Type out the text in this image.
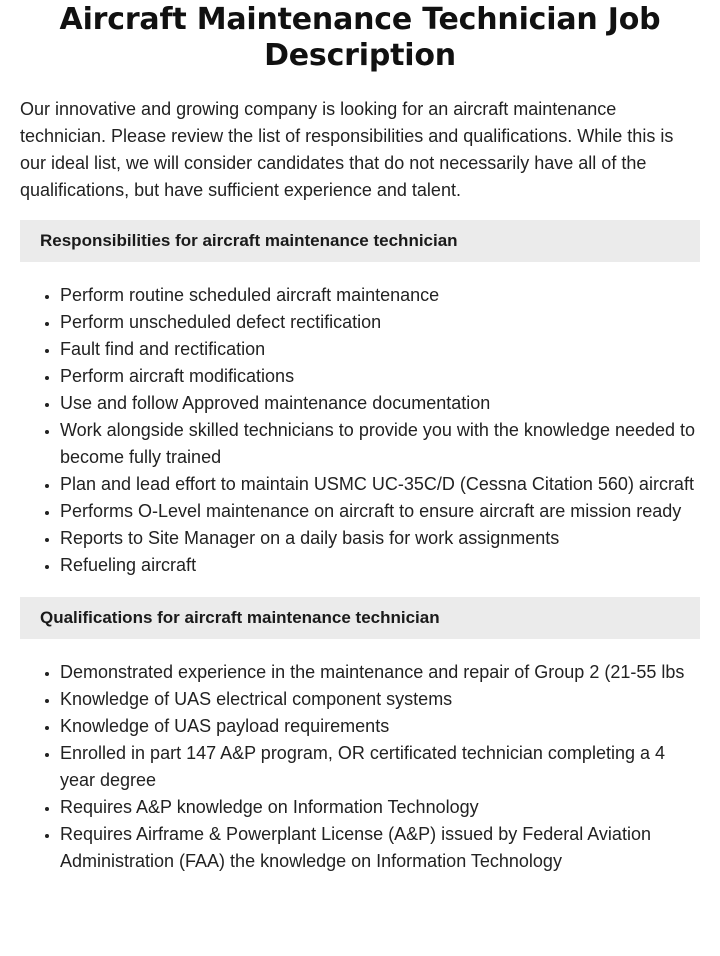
Aircraft Maintenance Technician Job Description

Our innovative and growing company is looking for an aircraft maintenance technician. Please review the list of responsibilities and qualifications. While this is our ideal list, we will consider candidates that do not necessarily have all of the qualifications, but have sufficient experience and talent.

Responsibilities for aircraft maintenance technician
• Perform routine scheduled aircraft maintenance
• Perform unscheduled defect rectification
• Fault find and rectification
• Perform aircraft modifications
• Use and follow Approved maintenance documentation
• Work alongside skilled technicians to provide you with the knowledge needed to become fully trained
• Plan and lead effort to maintain USMC UC-35C/D (Cessna Citation 560) aircraft
• Performs O-Level maintenance on aircraft to ensure aircraft are mission ready
• Reports to Site Manager on a daily basis for work assignments
• Refueling aircraft
Qualifications for aircraft maintenance technician
• Demonstrated experience in the maintenance and repair of Group 2 (21-55 lbs
• Knowledge of UAS electrical component systems
• Knowledge of UAS payload requirements
• Enrolled in part 147 A&P program, OR certificated technician completing a 4 year degree
• Requires A&P knowledge on Information Technology
• Requires Airframe & Powerplant License (A&P) issued by Federal Aviation Administration (FAA) the knowledge on Information Technology
